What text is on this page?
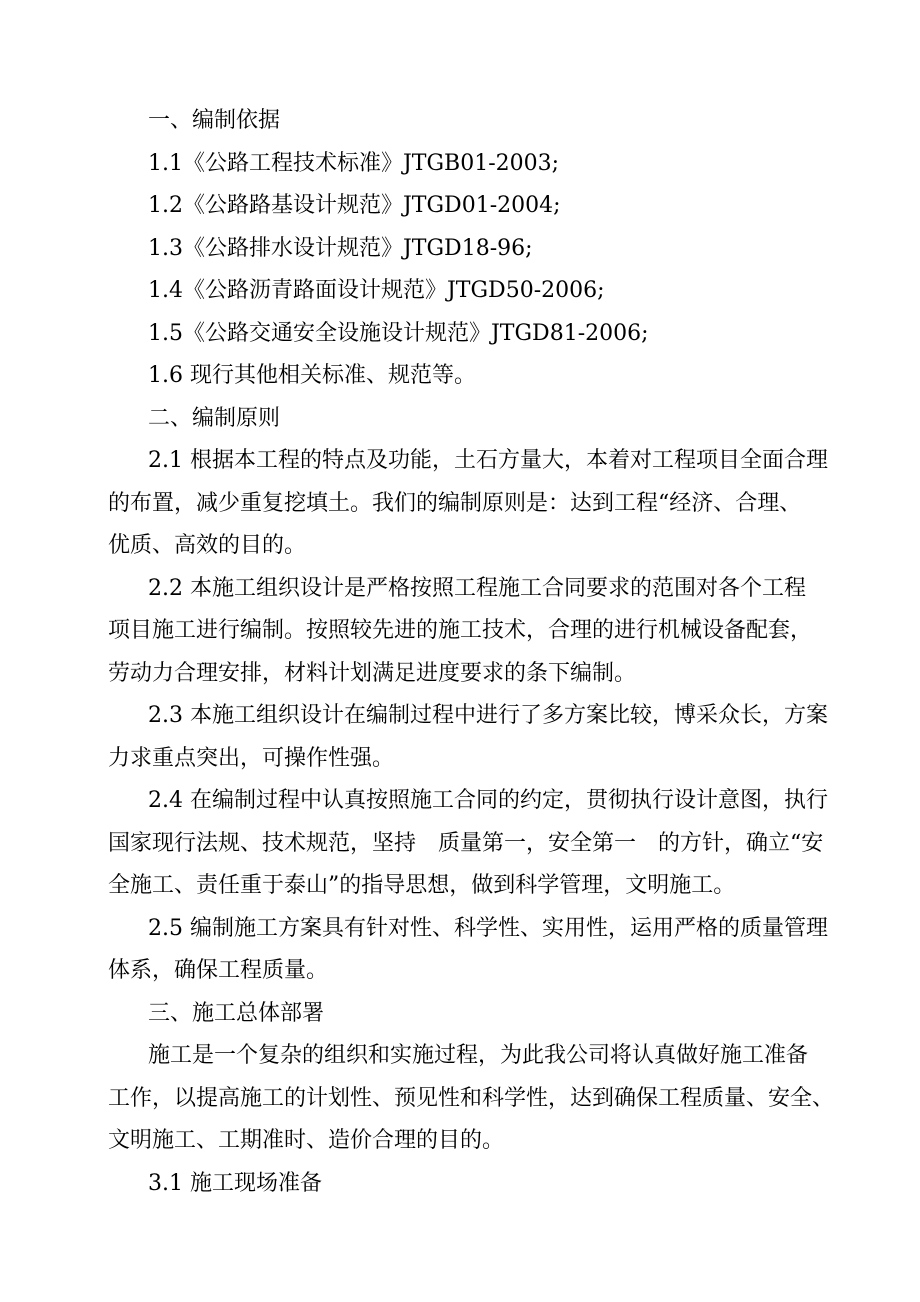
一、编制依据

1.1《公路工程技术标准》JTGB01-2003;

1.2《公路路基设计规范》JTGD01-2004;

1.3《公路排水设计规范》JTGD18-96;

1.4《公路沥青路面设计规范》JTGD50-2006;

1.5《公路交通安全设施设计规范》JTGD81-2006;

1.6 现行其他相关标准、规范等。

二、编制原则

2.1 根据本工程的特点及功能，土石方量大，本着对工程项目全面合理

的布置，减少重复挖填土。我们的编制原则是：达到工程“经济、合理、

优质、高效的目的。

2.2 本施工组织设计是严格按照工程施工合同要求的范围对各个工程

项目施工进行编制。按照较先进的施工技术，合理的进行机械设备配套，

劳动力合理安排，材料计划满足进度要求的条下编制。

2.3 本施工组织设计在编制过程中进行了多方案比较，博采众长，方案

力求重点突出，可操作性强。

2.4 在编制过程中认真按照施工合同的约定，贯彻执行设计意图，执行

国家现行法规、技术规范，坚持　质量第一，安全第一　的方针，确立“安

全施工、责任重于泰山”的指导思想，做到科学管理，文明施工。

2.5 编制施工方案具有针对性、科学性、实用性，运用严格的质量管理

体系，确保工程质量。

三、施工总体部署

施工是一个复杂的组织和实施过程，为此我公司将认真做好施工准备

工作，以提高施工的计划性、预见性和科学性，达到确保工程质量、安全、

文明施工、工期准时、造价合理的目的。

3.1 施工现场准备
